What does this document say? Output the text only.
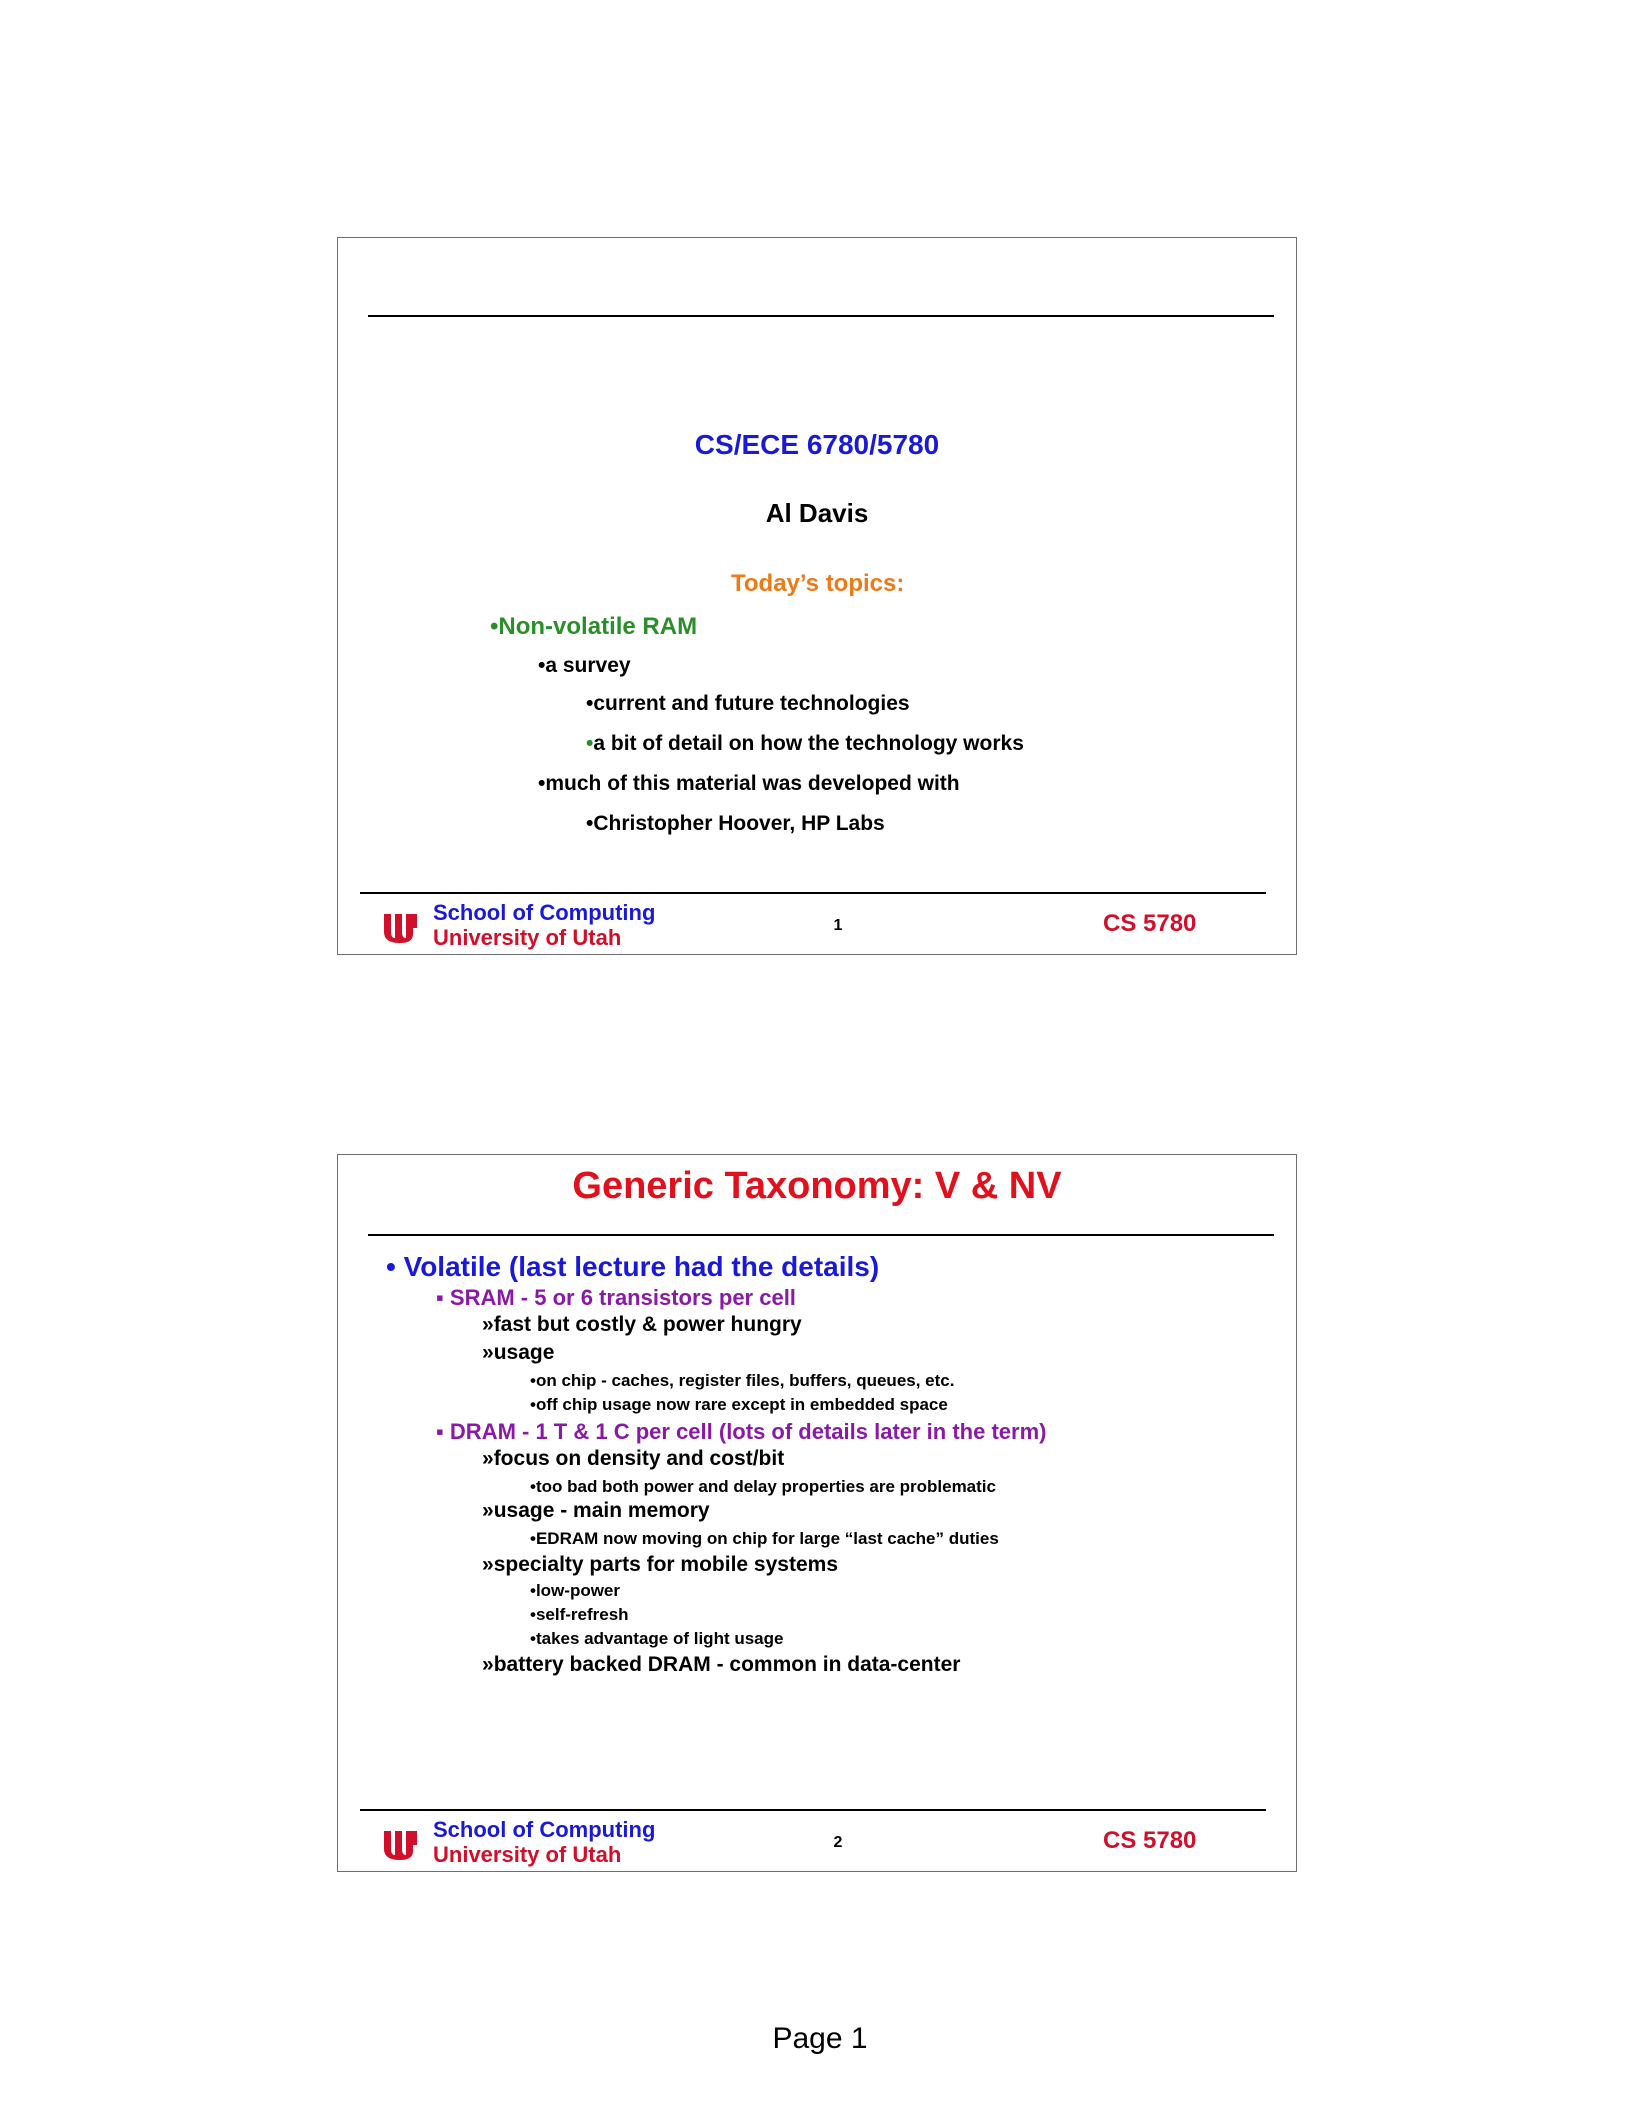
CS/ECE 6780/5780
Al Davis
Today’s topics:
•Non-volatile RAM
•a survey
•current and future technologies
•a bit of detail on how the technology works
•much of this material was developed with
•Christopher Hoover, HP Labs
School of Computing
University of Utah	1	CS 5780
Generic Taxonomy: V & NV
• Volatile (last lecture had the details)
▪ SRAM - 5 or 6 transistors per cell
»fast but costly & power hungry
»usage
•on chip - caches, register files, buffers, queues, etc.
•off chip usage now rare except in embedded space
▪ DRAM - 1 T & 1 C per cell (lots of details later in the term)
»focus on density and cost/bit
•too bad both power and delay properties are problematic
»usage - main memory
•EDRAM now moving on chip for large “last cache” duties
»specialty parts for mobile systems
•low-power
•self-refresh
•takes advantage of light usage
»battery backed DRAM - common in data-center
School of Computing
University of Utah	2	CS 5780
Page 1
